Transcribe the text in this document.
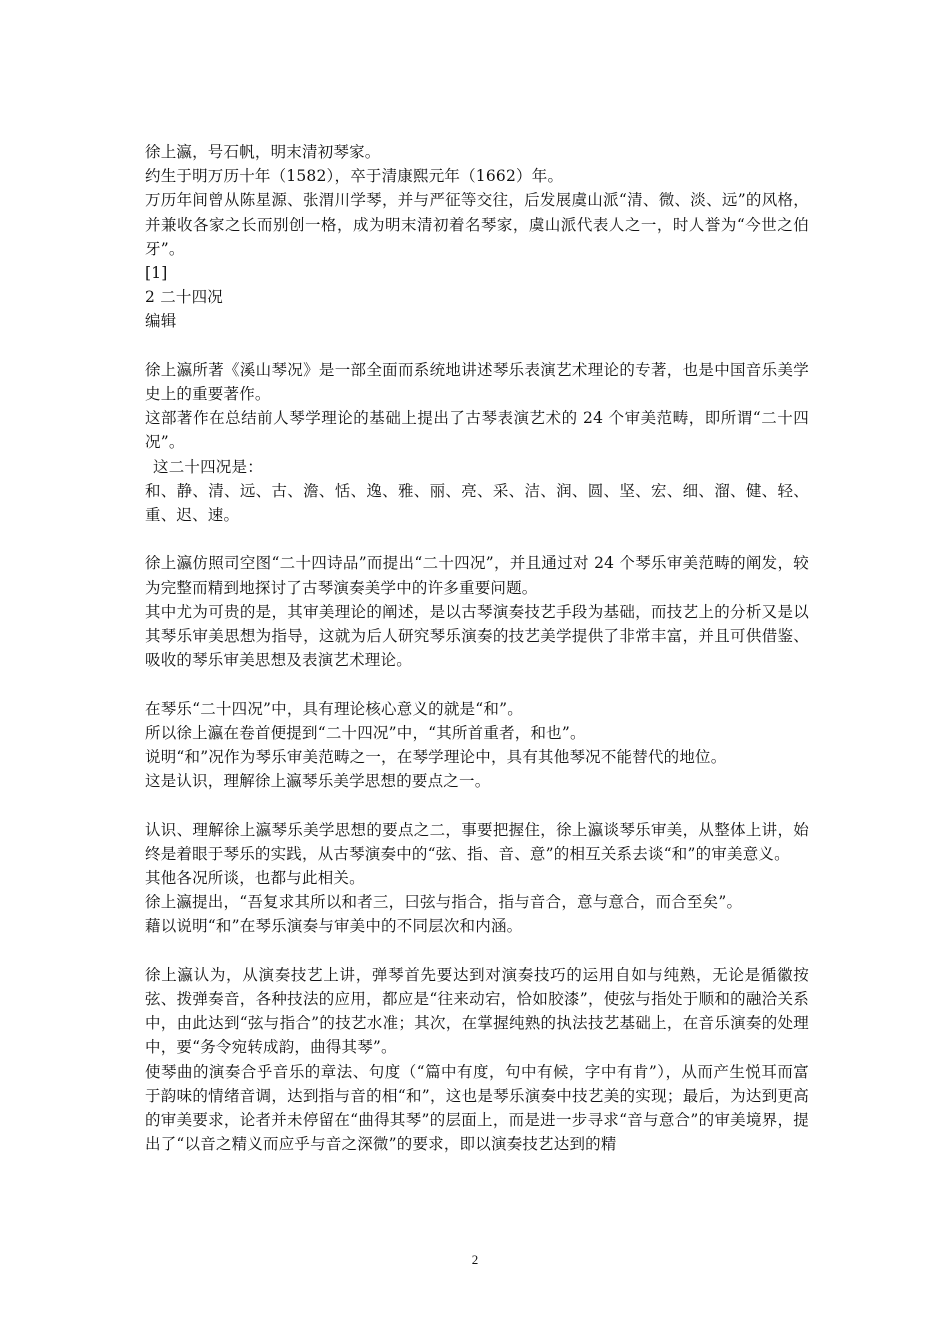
徐上瀛，号石帆，明末清初琴家。

约生于明万历十年（1582），卒于清康熙元年（1662）年。

万历年间曾从陈星源、张渭川学琴，并与严征等交往，后发展虞山派“清、微、淡、远”的风格，并兼收各家之长而别创一格，成为明末清初着名琴家，虞山派代表人之一，时人誉为“今世之伯牙”。

[1]

2 二十四况

编辑

徐上瀛所著《溪山琴况》是一部全面而系统地讲述琴乐表演艺术理论的专著，也是中国音乐美学史上的重要著作。

这部著作在总结前人琴学理论的基础上提出了古琴表演艺术的 24 个审美范畴，即所谓“二十四况”。

这二十四况是：

和、静、清、远、古、澹、恬、逸、雅、丽、亮、采、洁、润、圆、坚、宏、细、溜、健、轻、重、迟、速。

徐上瀛仿照司空图“二十四诗品”而提出“二十四况”，并且通过对 24 个琴乐审美范畴的阐发，较为完整而精到地探讨了古琴演奏美学中的许多重要问题。

其中尤为可贵的是，其审美理论的阐述，是以古琴演奏技艺手段为基础，而技艺上的分析又是以其琴乐审美思想为指导，这就为后人研究琴乐演奏的技艺美学提供了非常丰富，并且可供借鉴、吸收的琴乐审美思想及表演艺术理论。

在琴乐“二十四况”中，具有理论核心意义的就是“和”。

所以徐上瀛在卷首便提到“二十四况”中，“其所首重者，和也”。

说明“和”况作为琴乐审美范畴之一，在琴学理论中，具有其他琴况不能替代的地位。

这是认识，理解徐上瀛琴乐美学思想的要点之一。

认识、理解徐上瀛琴乐美学思想的要点之二，事要把握住，徐上瀛谈琴乐审美，从整体上讲，始终是着眼于琴乐的实践，从古琴演奏中的“弦、指、音、意”的相互关系去谈“和”的审美意义。

其他各况所谈，也都与此相关。

徐上瀛提出，“吾复求其所以和者三，曰弦与指合，指与音合，意与意合，而合至矣”。

藉以说明“和”在琴乐演奏与审美中的不同层次和内涵。

徐上瀛认为，从演奏技艺上讲，弹琴首先要达到对演奏技巧的运用自如与纯熟，无论是循徽按弦、拨弹奏音，各种技法的应用，都应是“往来动宕，恰如胶漆”，使弦与指处于顺和的融洽关系中，由此达到“弦与指合”的技艺水准；其次，在掌握纯熟的执法技艺基础上，在音乐演奏的处理中，要“务令宛转成韵，曲得其琴”。

使琴曲的演奏合乎音乐的章法、句度（“篇中有度，句中有候，字中有肯”），从而产生悦耳而富于韵味的情绪音调，达到指与音的相“和”，这也是琴乐演奏中技艺美的实现；最后，为达到更高的审美要求，论者并未停留在“曲得其琴”的层面上，而是进一步寻求“音与意合”的审美境界，提出了“以音之精义而应乎与音之深微”的要求，即以演奏技艺达到的精

2
